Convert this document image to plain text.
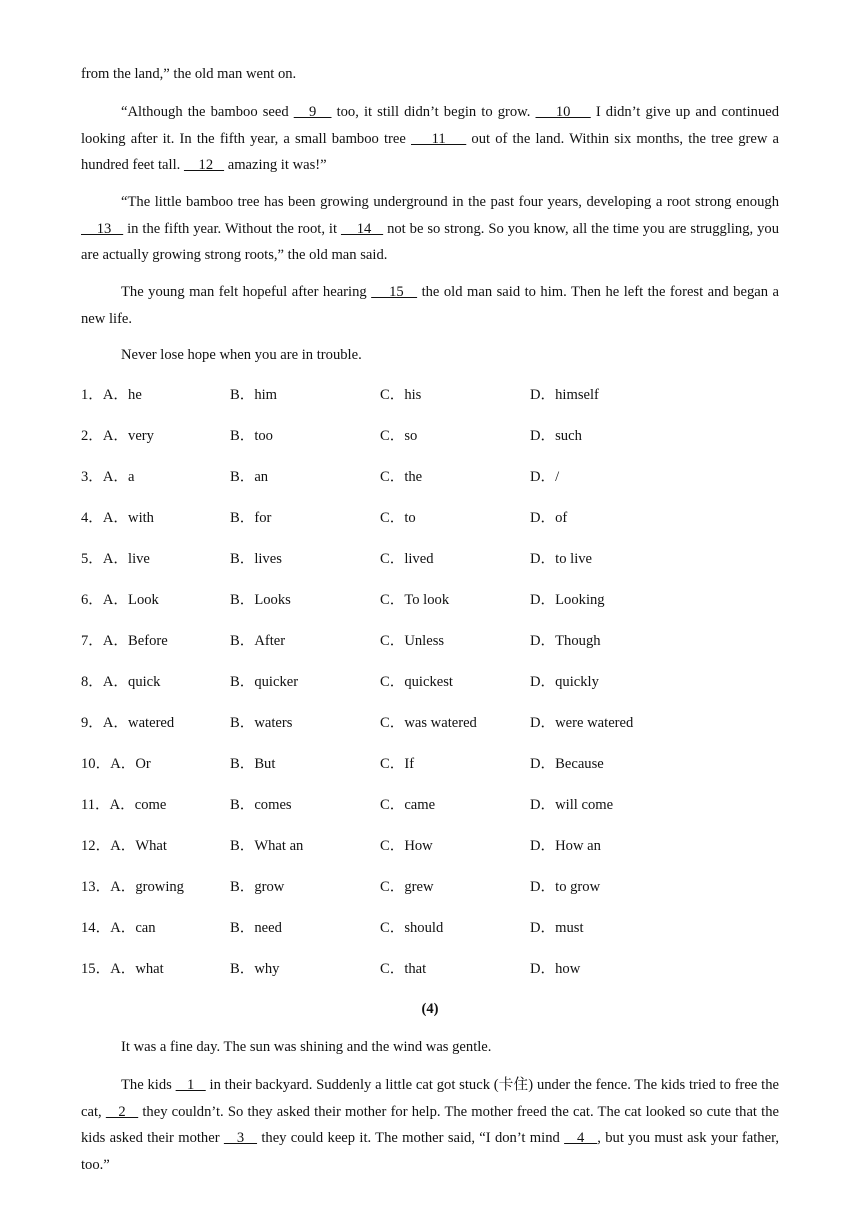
from the land,” the old man went on.

“Although the bamboo seed    9    too, it still didn’t begin to grow.     10     I didn’t give up and continued looking after it. In the fifth year, a small bamboo tree     11     out of the land. Within six months, the tree grew a hundred feet tall.     12    amazing it was!”

“The little bamboo tree has been growing underground in the past four years, developing a root strong enough     13    in the fifth year. Without the root, it     14    not be so strong. So you know, all the time you are struggling, you are actually growing strong roots,” the old man said.

The young man felt hopeful after hearing     15    the old man said to him. Then he left the forest and began a new life.

Never lose hope when you are in trouble.

1．A．he	B．him	C．his	D．himself
2．A．very	B．too	C．so	D．such
3．A．a	B．an	C．the	D．/
4．A．with	B．for	C．to	D．of
5．A．live	B．lives	C．lived	D．to live
6．A．Look	B．Looks	C．To look	D．Looking
7．A．Before	B．After	C．Unless	D．Though
8．A．quick	B．quicker	C．quickest	D．quickly
9．A．watered	B．waters	C．was watered	D．were watered
10．A．Or	B．But	C．If	D．Because
11．A．come	B．comes	C．came	D．will come
12．A．What	B．What an	C．How	D．How an
13．A．growing	B．grow	C．grew	D．to grow
14．A．can	B．need	C．should	D．must
15．A．what	B．why	C．that	D．how
(4)

It was a fine day. The sun was shining and the wind was gentle.

The kids    1    in their backyard. Suddenly a little cat got stuck (卡住) under the fence. The kids tried to free the cat,    2    they couldn’t. So they asked their mother for help. The mother freed the cat. The cat looked so cute that the kids asked their mother    3    they could keep it. The mother said, “I don’t mind    4   , but you must ask your father, too.”
